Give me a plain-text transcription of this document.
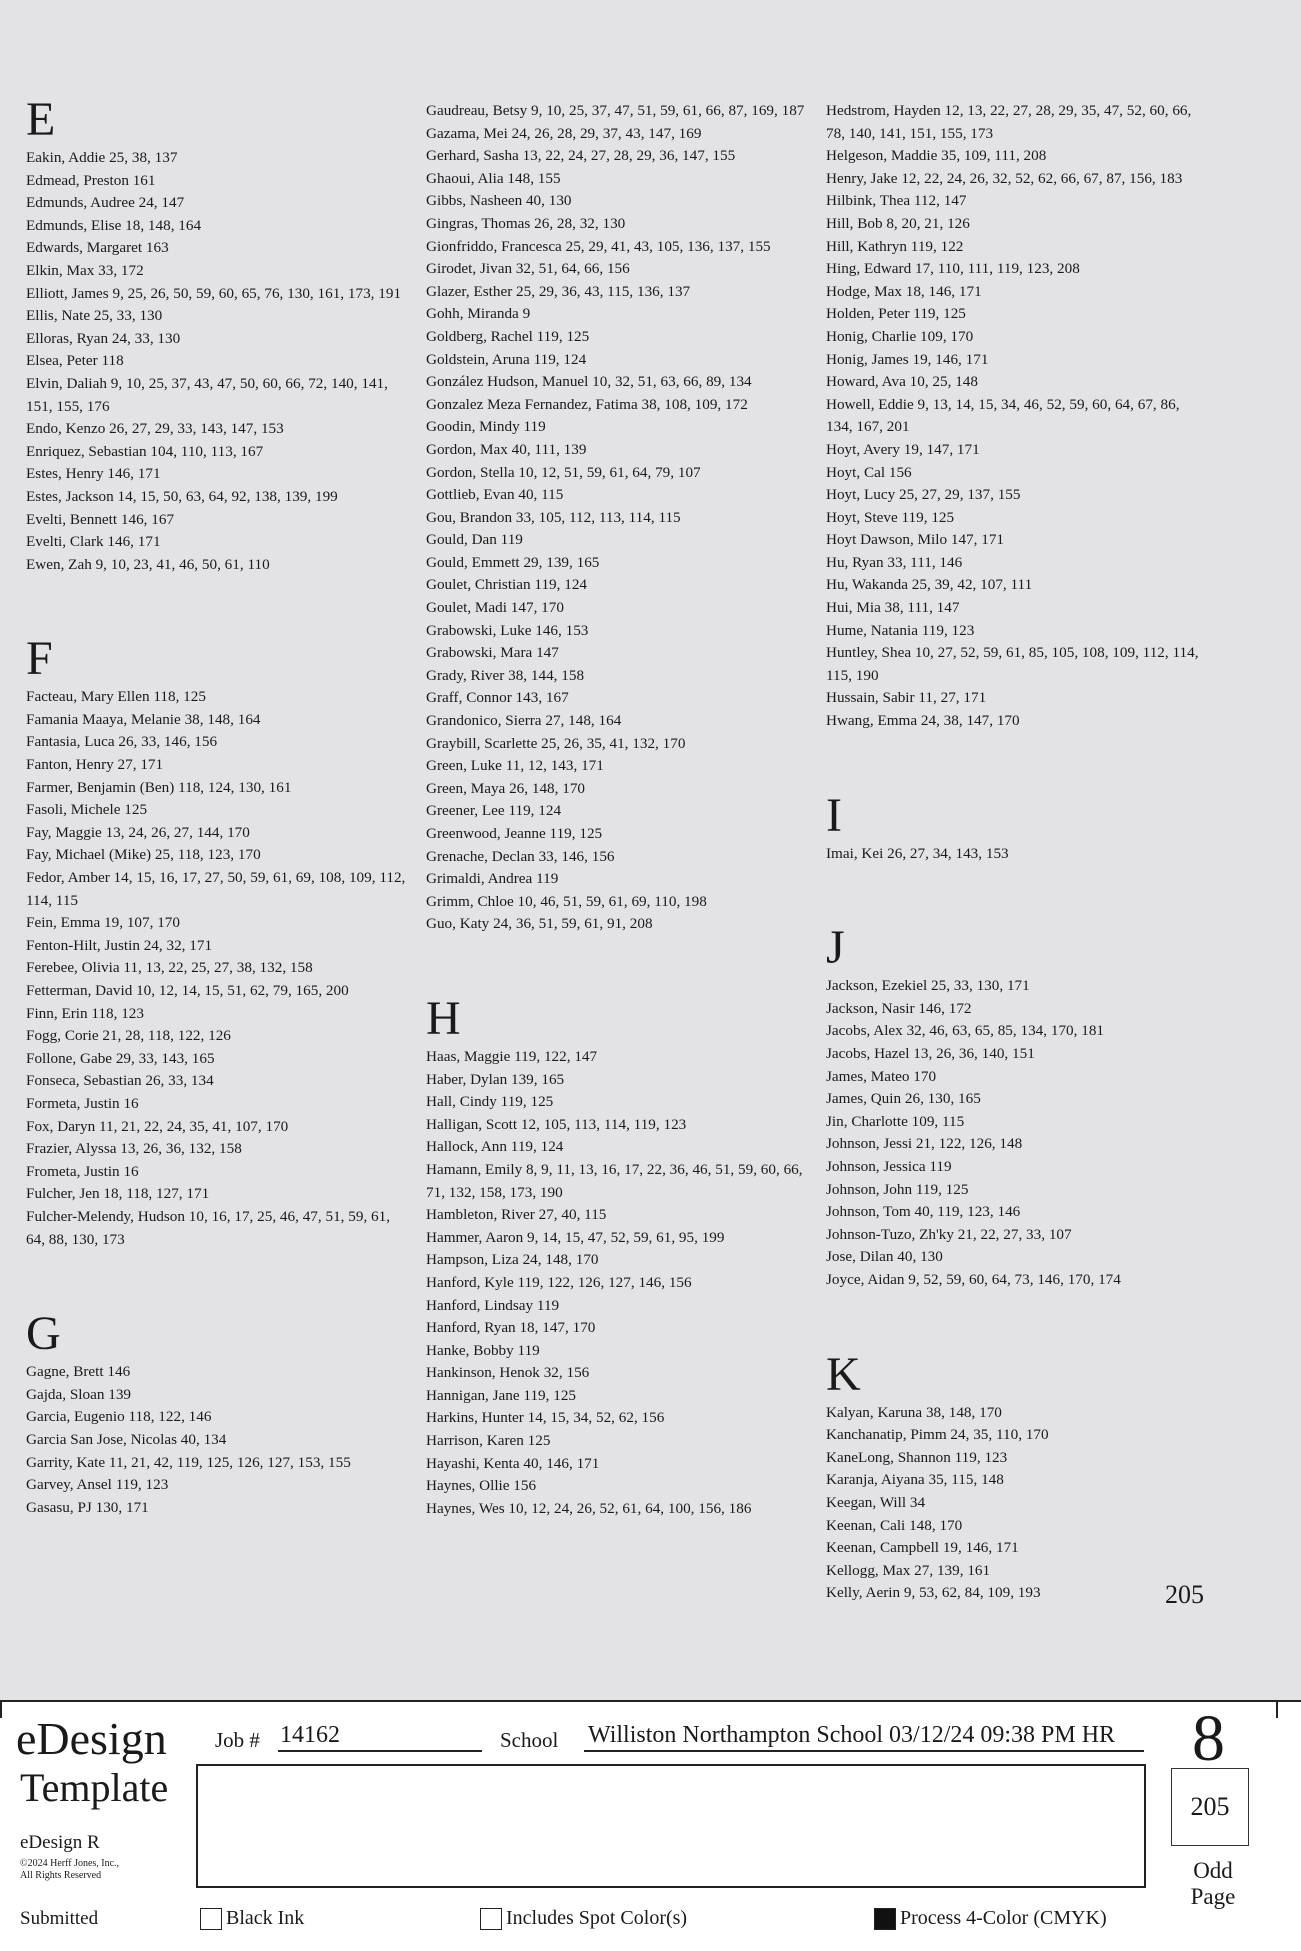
E
Eakin, Addie 25, 38, 137
Edmead, Preston 161
Edmunds, Audree 24, 147
Edmunds, Elise 18, 148, 164
Edwards, Margaret 163
Elkin, Max 33, 172
Elliott, James 9, 25, 26, 50, 59, 60, 65, 76, 130, 161, 173, 191
Ellis, Nate 25, 33, 130
Elloras, Ryan 24, 33, 130
Elsea, Peter 118
Elvin, Daliah 9, 10, 25, 37, 43, 47, 50, 60, 66, 72, 140, 141, 151, 155, 176
Endo, Kenzo 26, 27, 29, 33, 143, 147, 153
Enriquez, Sebastian 104, 110, 113, 167
Estes, Henry 146, 171
Estes, Jackson 14, 15, 50, 63, 64, 92, 138, 139, 199
Evelti, Bennett 146, 167
Evelti, Clark 146, 171
Ewen, Zah 9, 10, 23, 41, 46, 50, 61, 110
F
Facteau, Mary Ellen 118, 125
Famania Maaya, Melanie 38, 148, 164
Fantasia, Luca 26, 33, 146, 156
Fanton, Henry 27, 171
Farmer, Benjamin (Ben) 118, 124, 130, 161
Fasoli, Michele 125
Fay, Maggie 13, 24, 26, 27, 144, 170
Fay, Michael (Mike) 25, 118, 123, 170
Fedor, Amber 14, 15, 16, 17, 27, 50, 59, 61, 69, 108, 109, 112, 114, 115
Fein, Emma 19, 107, 170
Fenton-Hilt, Justin 24, 32, 171
Ferebee, Olivia 11, 13, 22, 25, 27, 38, 132, 158
Fetterman, David 10, 12, 14, 15, 51, 62, 79, 165, 200
Finn, Erin 118, 123
Fogg, Corie 21, 28, 118, 122, 126
Follone, Gabe 29, 33, 143, 165
Fonseca, Sebastian 26, 33, 134
Formeta, Justin 16
Fox, Daryn 11, 21, 22, 24, 35, 41, 107, 170
Frazier, Alyssa 13, 26, 36, 132, 158
Frometa, Justin 16
Fulcher, Jen 18, 118, 127, 171
Fulcher-Melendy, Hudson 10, 16, 17, 25, 46, 47, 51, 59, 61, 64, 88, 130, 173
G
Gagne, Brett 146
Gajda, Sloan 139
Garcia, Eugenio 118, 122, 146
Garcia San Jose, Nicolas 40, 134
Garrity, Kate 11, 21, 42, 119, 125, 126, 127, 153, 155
Garvey, Ansel 119, 123
Gasasu, PJ 130, 171
Gaudreau, Betsy 9, 10, 25, 37, 47, 51, 59, 61, 66, 87, 169, 187
Gazama, Mei 24, 26, 28, 29, 37, 43, 147, 169
Gerhard, Sasha 13, 22, 24, 27, 28, 29, 36, 147, 155
Ghaoui, Alia 148, 155
Gibbs, Nasheen 40, 130
Gingras, Thomas 26, 28, 32, 130
Gionfriddo, Francesca 25, 29, 41, 43, 105, 136, 137, 155
Girodet, Jivan 32, 51, 64, 66, 156
Glazer, Esther 25, 29, 36, 43, 115, 136, 137
Gohh, Miranda 9
Goldberg, Rachel 119, 125
Goldstein, Aruna 119, 124
González Hudson, Manuel 10, 32, 51, 63, 66, 89, 134
Gonzalez Meza Fernandez, Fatima 38, 108, 109, 172
Goodin, Mindy 119
Gordon, Max 40, 111, 139
Gordon, Stella 10, 12, 51, 59, 61, 64, 79, 107
Gottlieb, Evan 40, 115
Gou, Brandon 33, 105, 112, 113, 114, 115
Gould, Dan 119
Gould, Emmett 29, 139, 165
Goulet, Christian 119, 124
Goulet, Madi 147, 170
Grabowski, Luke 146, 153
Grabowski, Mara 147
Grady, River 38, 144, 158
Graff, Connor 143, 167
Grandonico, Sierra 27, 148, 164
Graybill, Scarlette 25, 26, 35, 41, 132, 170
Green, Luke 11, 12, 143, 171
Green, Maya 26, 148, 170
Greener, Lee 119, 124
Greenwood, Jeanne 119, 125
Grenache, Declan 33, 146, 156
Grimaldi, Andrea 119
Grimm, Chloe 10, 46, 51, 59, 61, 69, 110, 198
Guo, Katy 24, 36, 51, 59, 61, 91, 208
H
Haas, Maggie 119, 122, 147
Haber, Dylan 139, 165
Hall, Cindy 119, 125
Halligan, Scott 12, 105, 113, 114, 119, 123
Hallock, Ann 119, 124
Hamann, Emily 8, 9, 11, 13, 16, 17, 22, 36, 46, 51, 59, 60, 66, 71, 132, 158, 173, 190
Hambleton, River 27, 40, 115
Hammer, Aaron 9, 14, 15, 47, 52, 59, 61, 95, 199
Hampson, Liza 24, 148, 170
Hanford, Kyle 119, 122, 126, 127, 146, 156
Hanford, Lindsay 119
Hanford, Ryan 18, 147, 170
Hanke, Bobby 119
Hankinson, Henok 32, 156
Hannigan, Jane 119, 125
Harkins, Hunter 14, 15, 34, 52, 62, 156
Harrison, Karen 125
Hayashi, Kenta 40, 146, 171
Haynes, Ollie 156
Haynes, Wes 10, 12, 24, 26, 52, 61, 64, 100, 156, 186
Hedstrom, Hayden 12, 13, 22, 27, 28, 29, 35, 47, 52, 60, 66, 78, 140, 141, 151, 155, 173
Helgeson, Maddie 35, 109, 111, 208
Henry, Jake 12, 22, 24, 26, 32, 52, 62, 66, 67, 87, 156, 183
Hilbink, Thea 112, 147
Hill, Bob 8, 20, 21, 126
Hill, Kathryn 119, 122
Hing, Edward 17, 110, 111, 119, 123, 208
Hodge, Max 18, 146, 171
Holden, Peter 119, 125
Honig, Charlie 109, 170
Honig, James 19, 146, 171
Howard, Ava 10, 25, 148
Howell, Eddie 9, 13, 14, 15, 34, 46, 52, 59, 60, 64, 67, 86, 134, 167, 201
Hoyt, Avery 19, 147, 171
Hoyt, Cal 156
Hoyt, Lucy 25, 27, 29, 137, 155
Hoyt, Steve 119, 125
Hoyt Dawson, Milo 147, 171
Hu, Ryan 33, 111, 146
Hu, Wakanda 25, 39, 42, 107, 111
Hui, Mia 38, 111, 147
Hume, Natania 119, 123
Huntley, Shea 10, 27, 52, 59, 61, 85, 105, 108, 109, 112, 114, 115, 190
Hussain, Sabir 11, 27, 171
Hwang, Emma 24, 38, 147, 170
I
Imai, Kei 26, 27, 34, 143, 153
J
Jackson, Ezekiel 25, 33, 130, 171
Jackson, Nasir 146, 172
Jacobs, Alex 32, 46, 63, 65, 85, 134, 170, 181
Jacobs, Hazel 13, 26, 36, 140, 151
James, Mateo 170
James, Quin 26, 130, 165
Jin, Charlotte 109, 115
Johnson, Jessi 21, 122, 126, 148
Johnson, Jessica 119
Johnson, John 119, 125
Johnson, Tom 40, 119, 123, 146
Johnson-Tuzo, Zh'ky 21, 22, 27, 33, 107
Jose, Dilan 40, 130
Joyce, Aidan 9, 52, 59, 60, 64, 73, 146, 170, 174
K
Kalyan, Karuna 38, 148, 170
Kanchanatip, Pimm 24, 35, 110, 170
KaneLong, Shannon 119, 123
Karanja, Aiyana 35, 115, 148
Keegan, Will 34
Keenan, Cali 148, 170
Keenan, Campbell 19, 146, 171
Kellogg, Max 27, 139, 161
Kelly, Aerin 9, 53, 62, 84, 109, 193	205
eDesign
Template
eDesign R
©2024 Herff Jones, Inc.,
All Rights Reserved
Job # 14162	School Williston Northampton School 03/12/24 09:38 PM HR 8
205
Odd
Page
Submitted	Black Ink	Includes Spot Color(s)	Process 4-Color (CMYK)
